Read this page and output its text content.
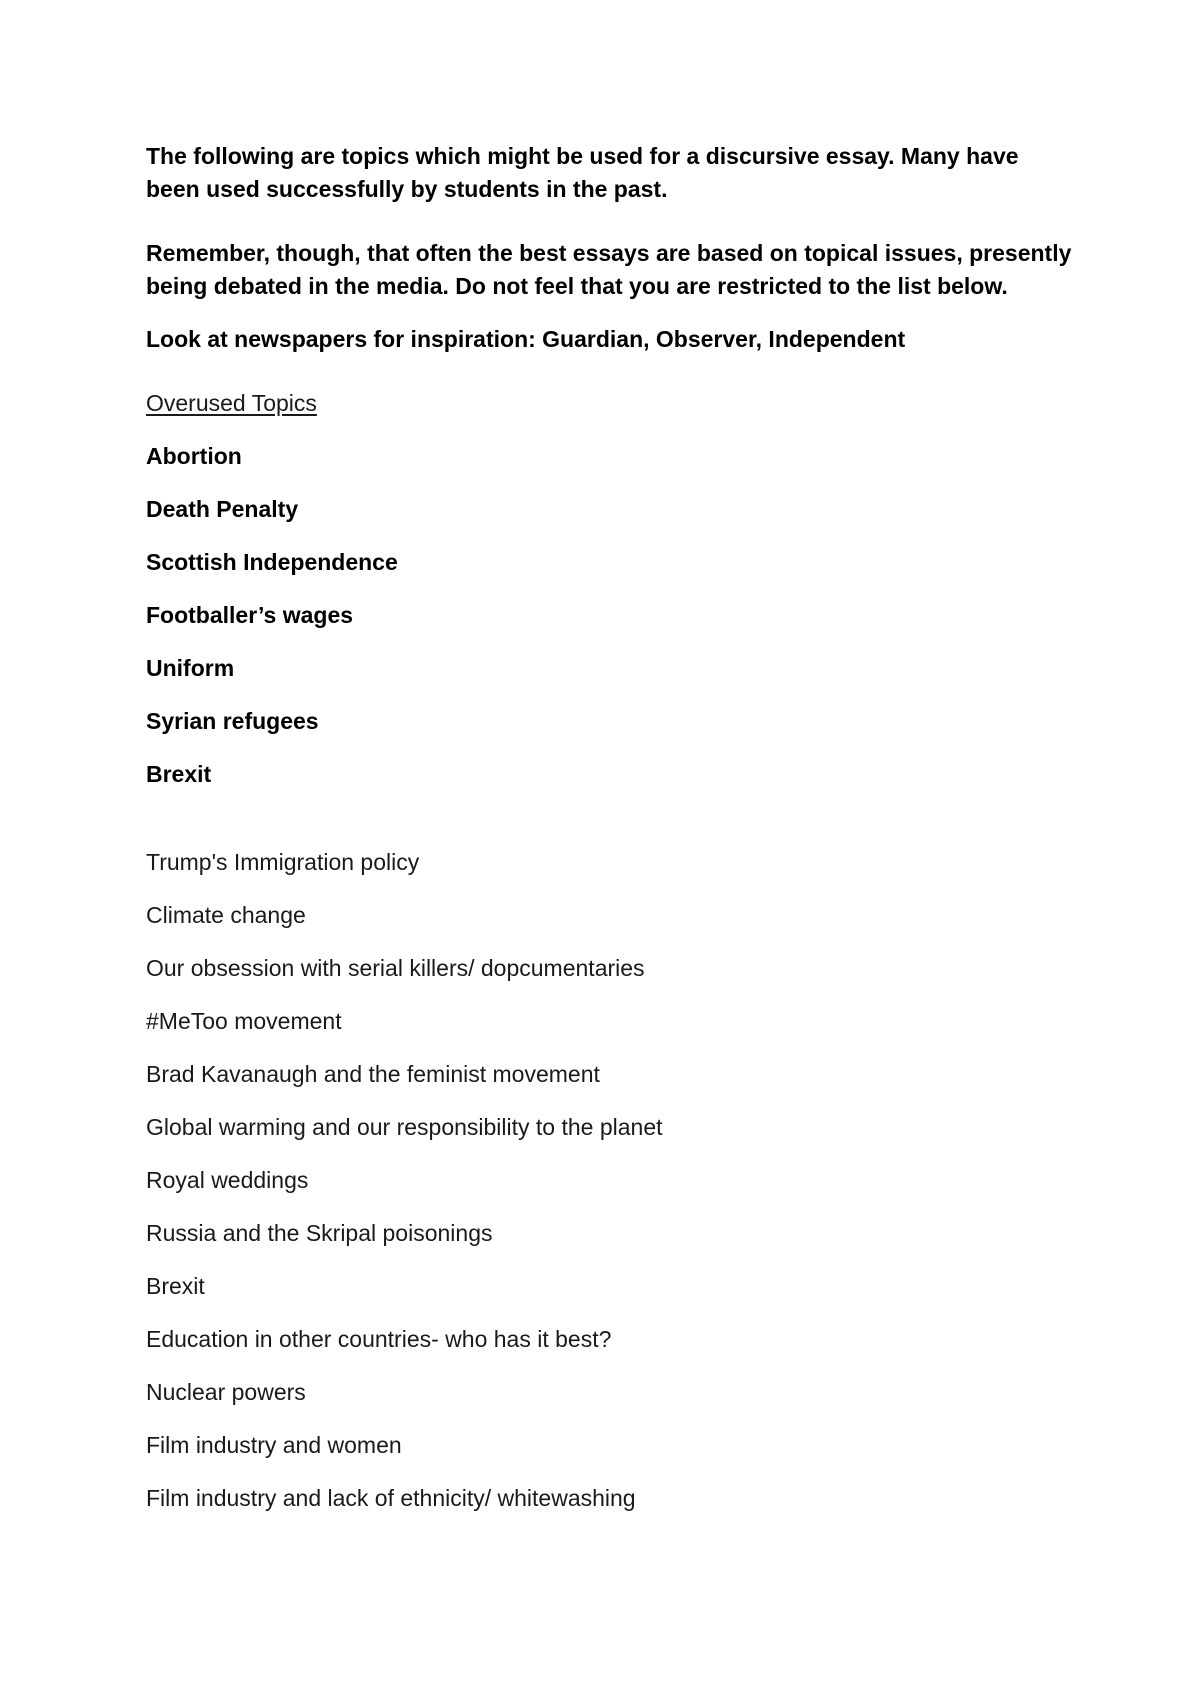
The following are topics which might be used for a discursive essay. Many have been used successfully by students in the past.

Remember, though, that often the best essays are based on topical issues, presently being debated in the media. Do not feel that you are restricted to the list below.

Look at newspapers for inspiration: Guardian, Observer, Independent

Overused Topics
Abortion
Death Penalty
Scottish Independence
Footballer’s wages
Uniform
Syrian refugees
Brexit
Trump's Immigration policy
Climate change
Our obsession with serial killers/ dopcumentaries
#MeToo movement
Brad Kavanaugh and the feminist movement
Global warming and our responsibility to the planet
Royal weddings
Russia and the Skripal poisonings
Brexit
Education in other countries- who has it best?
Nuclear powers
Film industry and women
Film industry and lack of ethnicity/ whitewashing
